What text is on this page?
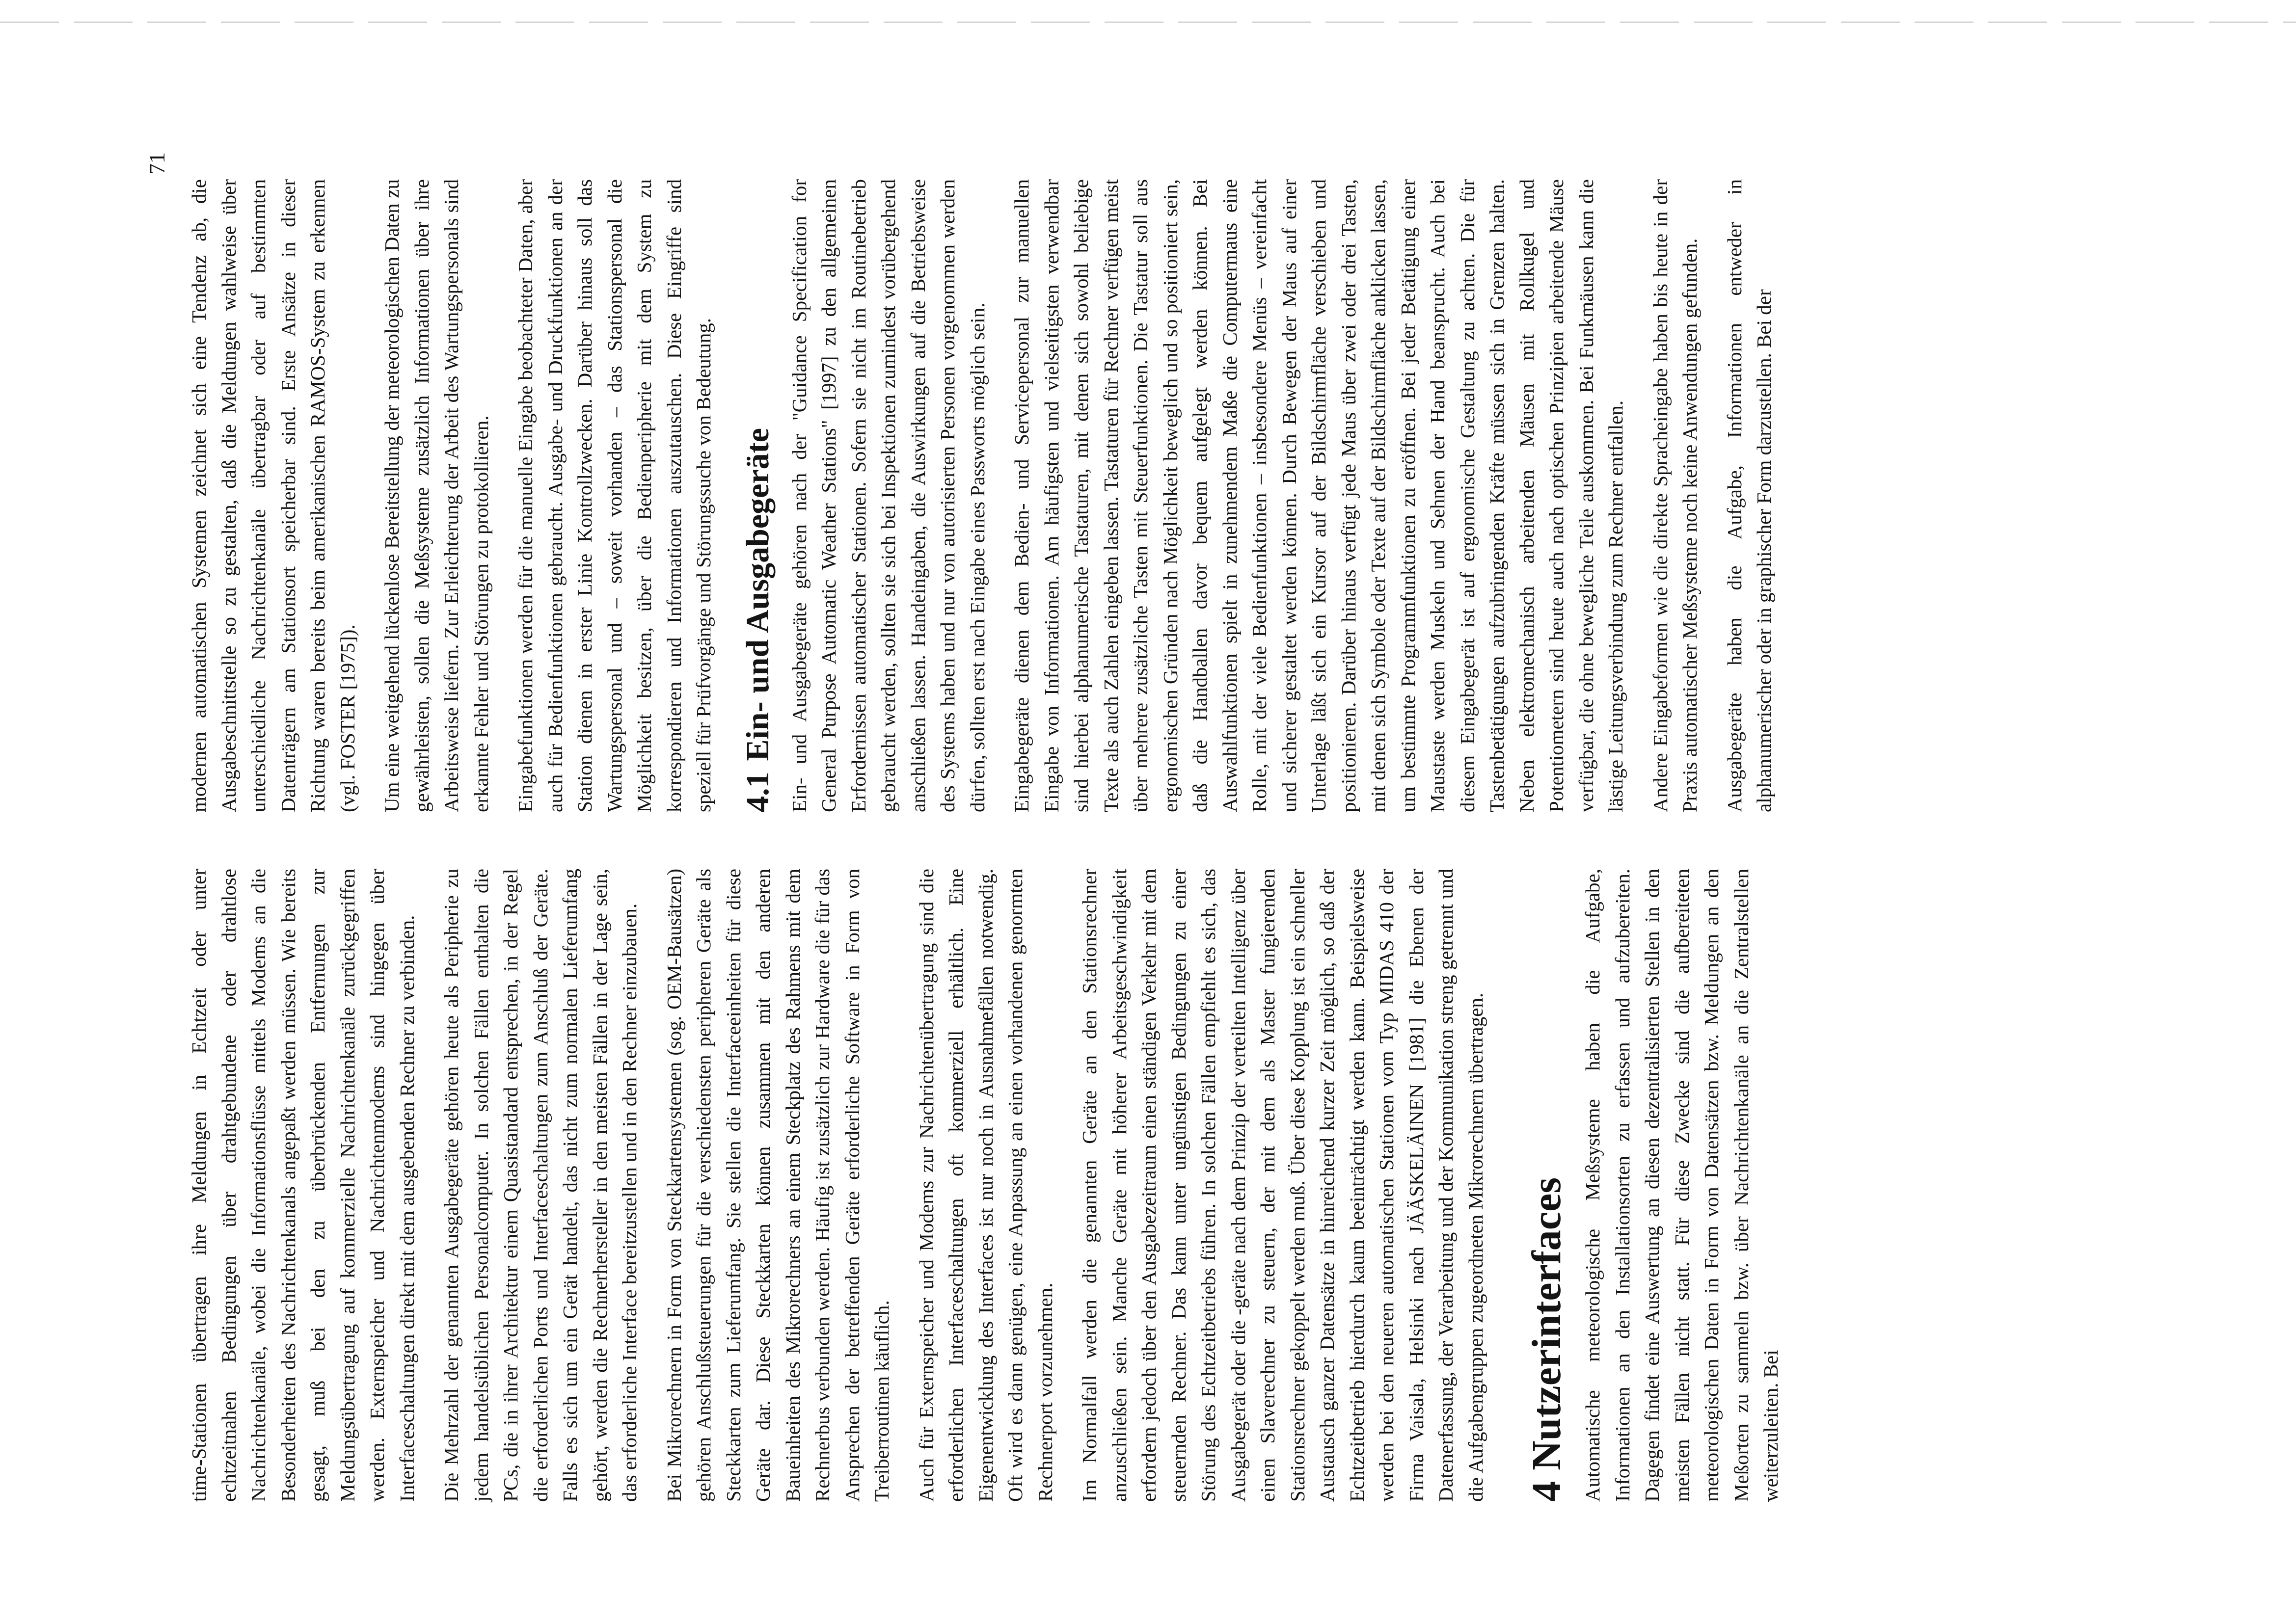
71

time-Stationen übertragen ihre Meldungen in Echtzeit oder unter echtzeitnahen Bedingungen über drahtgebundene oder drahtlose Nachrichtenkanäle, wobei die Informationsflüsse mittels Modems an die Besonderheiten des Nachrichtenkanals angepaßt werden müssen. Wie bereits gesagt, muß bei den zu überbrückenden Entfernungen zur Meldungsübertragung auf kommerzielle Nachrichtenkanäle zurückgegriffen werden. Externspeicher und Nachrichtenmodems sind hingegen über Interfaceschaltungen direkt mit dem ausgebenden Rechner zu verbinden. Die Mehrzahl der genannten Ausgabegeräte gehören heute als Peripherie zu jedem handelsüblichen Personalcomputer. In solchen Fällen enthalten die PCs, die in ihrer Architektur einem Quasistandard entsprechen, in der Regel die erforderlichen Ports und Interfaceschaltungen zum Anschluß der Geräte. Falls es sich um ein Gerät handelt, das nicht zum normalen Lieferumfang gehört, werden die Rechnerhersteller in den meisten Fällen in der Lage sein, das erforderliche Interface bereitzustellen und in den Rechner einzubauen. Bei Mikrorechnern in Form von Steckkartensystemen (sog. OEM-Bausätzen) gehören Anschlußsteuerungen für die verschiedensten peripheren Geräte als Steckkarten zum Lieferumfang. Sie stellen die Interfaceeinheiten für diese Geräte dar. Diese Steckkarten können zusammen mit den anderen Baueinheiten des Mikrorechners an einem Steckplatz des Rahmens mit dem Rechnerbus verbunden werden. Häufig ist zusätzlich zur Hardware die für das Ansprechen der betreffenden Geräte erforderliche Software in Form von Treiberroutinen käuflich. Auch für Externspeicher und Modems zur Nachrichtenübertragung sind die erforderlichen Interfaceschaltungen oft kommerziell erhältlich. Eine Eigenentwicklung des Interfaces ist nur noch in Ausnahmefällen notwendig. Oft wird es dann genügen, eine Anpassung an einen vorhandenen genormten Rechnerport vorzunehmen. Im Normalfall werden die genannten Geräte an den Stationsrechner anzuschließen sein. Manche Geräte mit höherer Arbeitsgeschwindigkeit erfordern jedoch über den Ausgabezeitraum einen ständigen Verkehr mit dem steuernden Rechner. Das kann unter ungünstigen Bedingungen zu einer Störung des Echtzeitbetriebs führen. In solchen Fällen empfiehlt es sich, das Ausgabegerät oder die -geräte nach dem Prinzip der verteilten Intelligenz über einen Slaverechner zu steuern, der mit dem als Master fungierenden Stationsrechner gekoppelt werden muß. Über diese Kopplung ist ein schneller Austausch ganzer Datensätze in hinreichend kurzer Zeit möglich, so daß der Echtzeitbetrieb hierdurch kaum beeinträchtigt werden kann. Beispielsweise werden bei den neueren automatischen Stationen vom Typ MIDAS 410 der Firma Vaisala, Helsinki nach JÄÄSKELÄINEN [1981] die Ebenen der Datenerfassung, der Verarbeitung und der Kommunikation streng getrennt und die Aufgabengruppen zugeordneten Mikrorechnern übertragen. 4Nutzerinterfaces Automatische meteorologische Meßsysteme haben die Aufgabe, Informationen an den Installationsorten zu erfassen und aufzubereiten. Dagegen findet eine Auswertung an diesen dezentralisierten Stellen in den meisten Fällen nicht statt. Für diese Zwecke sind die aufbereiteten meteorologischen Daten in Form von Datensätzen bzw. Meldungen an den Meßorten zu sammeln bzw. über Nachrichtenkanäle an die Zentralstellen weiterzuleiten. Bei

modernen automatischen Systemen zeichnet sich eine Tendenz ab, die Ausgabeschnittstelle so zu gestalten, daß die Meldungen wahlweise über unterschiedliche Nachrichtenkanäle übertragbar oder auf bestimmten Datenträgern am Stationsort speicherbar sind. Erste Ansätze in dieser Richtung waren bereits beim amerikanischen RAMOS-System zu erkennen (vgl. FOSTER [1975]). Um eine weitgehend lückenlose Bereitstellung der meteorologischen Daten zu gewährleisten, sollen die Meßsysteme zusätzlich Informationen über ihre Arbeitsweise liefern. Zur Erleichterung der Arbeit des Wartungspersonals sind erkannte Fehler und Störungen zu protokollieren. Eingabefunktionen werden für die manuelle Eingabe beobachteter Daten, aber auch für Bedienfunktionen gebraucht. Ausgabe- und Druckfunktionen an der Station dienen in erster Linie Kontrollzwecken. Darüber hinaus soll das Wartungspersonal und – soweit vorhanden – das Stationspersonal die Möglichkeit besitzen, über die Bedienperipherie mit dem System zu korrespondieren und Informationen auszutauschen. Diese Eingriffe sind speziell für Prüfvorgänge und Störungssuche von Bedeutung. 4.1Ein- und Ausgabegeräte Ein- und Ausgabegeräte gehören nach der "Guidance Specification for General Purpose Automatic Weather Stations" [1997] zu den allgemeinen Erfordernissen automatischer Stationen. Sofern sie nicht im Routinebetrieb gebraucht werden, sollten sie sich bei Inspektionen zumindest vorübergehend anschließen lassen. Handeingaben, die Auswirkungen auf die Betriebsweise des Systems haben und nur von autorisierten Personen vorgenommen werden dürfen, sollten erst nach Eingabe eines Passworts möglich sein. Eingabegeräte dienen dem Bedien- und Servicepersonal zur manuellen Eingabe von Informationen. Am häufigsten und vielseitigsten verwendbar sind hierbei alphanumerische Tastaturen, mit denen sich sowohl beliebige Texte als auch Zahlen eingeben lassen. Tastaturen für Rechner verfügen meist über mehrere zusätzliche Tasten mit Steuerfunktionen. Die Tastatur soll aus ergonomischen Gründen nach Möglichkeit beweglich und so positioniert sein, daß die Handballen davor bequem aufgelegt werden können. Bei Auswahlfunktionen spielt in zunehmendem Maße die Computermaus eine Rolle, mit der viele Bedienfunktionen – insbesondere Menüs – vereinfacht und sicherer gestaltet werden können. Durch Bewegen der Maus auf einer Unterlage läßt sich ein Kursor auf der Bildschirmfläche verschieben und positionieren. Darüber hinaus verfügt jede Maus über zwei oder drei Tasten, mit denen sich Symbole oder Texte auf der Bildschirmfläche anklicken lassen, um bestimmte Programmfunktionen zu eröffnen. Bei jeder Betätigung einer Maustaste werden Muskeln und Sehnen der Hand beansprucht. Auch bei diesem Eingabegerät ist auf ergonomische Gestaltung zu achten. Die für Tastenbetätigungen aufzubringenden Kräfte müssen sich in Grenzen halten. Neben elektromechanisch arbeitenden Mäusen mit Rollkugel und Potentiometern sind heute auch nach optischen Prinzipien arbeitende Mäuse verfügbar, die ohne bewegliche Teile auskommen. Bei Funkmäusen kann die lästige Leitungsverbindung zum Rechner entfallen. Andere Eingabeformen wie die direkte Spracheingabe haben bis heute in der Praxis automatischer Meßsysteme noch keine Anwendungen gefunden. Ausgabegeräte haben die Aufgabe, Informationen entweder in alphanumerischer oder in graphischer Form darzustellen. Bei der
